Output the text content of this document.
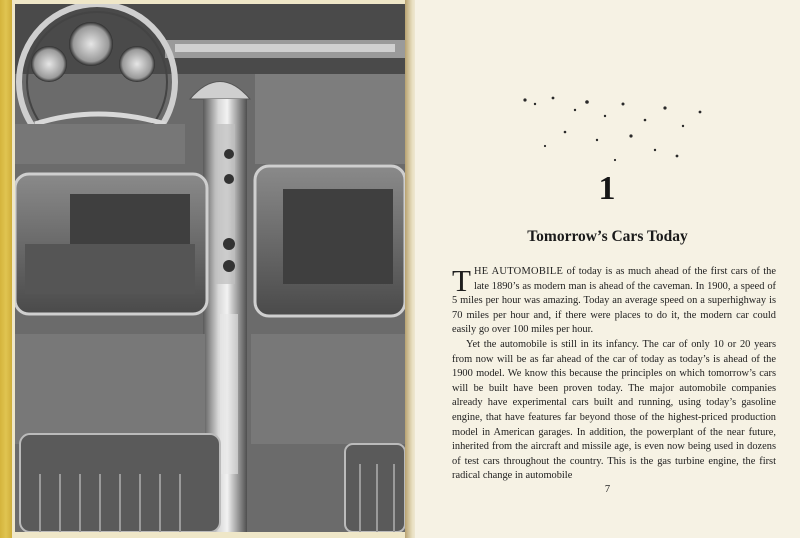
1
Tomorrow’s Cars Today

THE AUTOMOBILE of today is as much ahead of the first cars of the late 1890’s as modern man is ahead of the caveman. In 1900, a speed of 5 miles per hour was amazing. Today an average speed on a superhighway is 70 miles per hour and, if there were places to do it, the modern car could easily go over 100 miles per hour.

Yet the automobile is still in its infancy. The car of only 10 or 20 years from now will be as far ahead of the car of today as today’s is ahead of the 1900 model. We know this because the principles on which tomorrow’s cars will be built have been proven today. The major automobile companies already have experimental cars built and running, using today’s gasoline engine, that have features far beyond those of the highest-priced production model in American garages. In addition, the powerplant of the near future, inherited from the aircraft and missile age, is even now being used in dozens of test cars throughout the country. This is the gas turbine engine, the first radical change in automobile

7
